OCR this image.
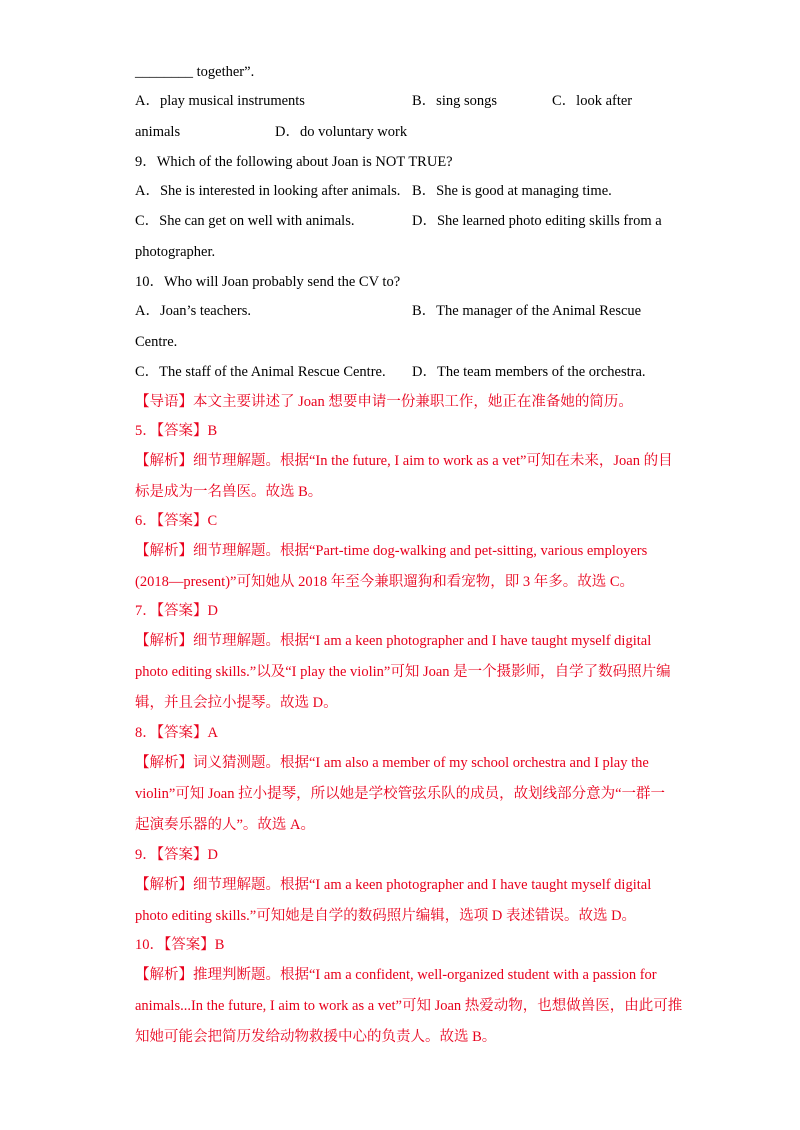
________ together”.
A．play musical instruments	B．sing songs	C．look after
animals	D．do voluntary work
9．Which of the following about Joan is NOT TRUE?
A．She is interested in looking after animals. B．She is good at managing time.
C．She can get on well with animals.	D．She learned photo editing skills from a
photographer.
10．Who will Joan probably send the CV to?
A．Joan’s teachers.	B．The manager of the Animal Rescue
Centre.
C．The staff of the Animal Rescue Centre. D．The team members of the orchestra.
【导语】本文主要讲述了 Joan 想要申请一份兼职工作，她正在准备她的简历。
5．【答案】B
【解析】细节理解题。根据“In the future, I aim to work as a vet”可知在未来，Joan 的目
标是成为一名兽医。故选 B。
6．【答案】C
【解析】细节理解题。根据“Part-time dog-walking and pet-sitting, various employers
(2018—present)”可知她从 2018 年至今兼职遛狗和看宠物，即 3 年多。故选 C。
7．【答案】D
【解析】细节理解题。根据“I am a keen photographer and I have taught myself digital
photo editing skills.”以及“I play the violin”可知 Joan 是一个摄影师，自学了数码照片编
辑，并且会拉小提琴。故选 D。
8．【答案】A
【解析】词义猜测题。根据“I am also a member of my school orchestra and I play the
violin”可知 Joan 拉小提琴，所以她是学校管弦乐队的成员，故划线部分意为“一群一
起演奏乐器的人”。故选 A。
9．【答案】D
【解析】细节理解题。根据“I am a keen photographer and I have taught myself digital
photo editing skills.”可知她是自学的数码照片编辑，选项 D 表述错误。故选 D。
10．【答案】B
【解析】推理判断题。根据“I am a confident, well-organized student with a passion for
animals...In the future, I aim to work as a vet”可知 Joan 热爱动物，也想做兽医，由此可推
知她可能会把简历发给动物救援中心的负责人。故选 B。
